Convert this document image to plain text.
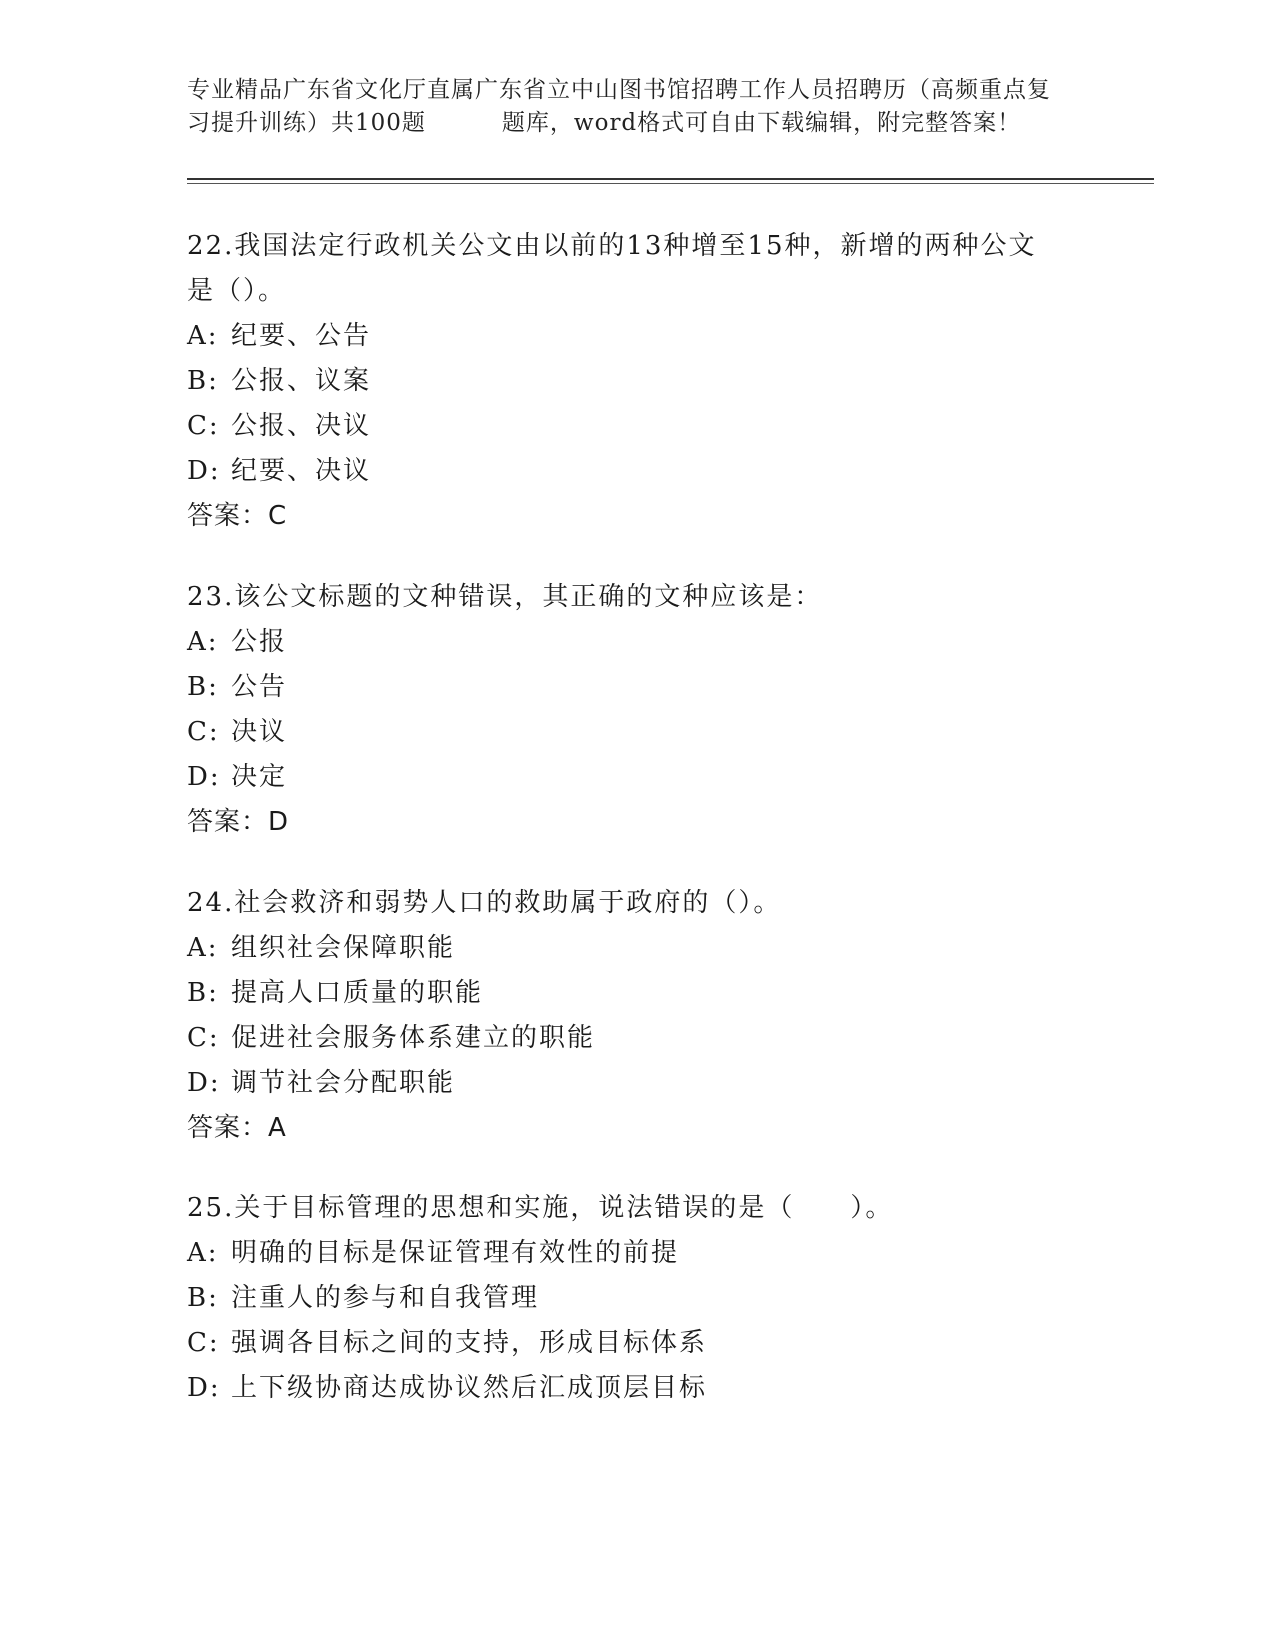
专业精品广东省文化厅直属广东省立中山图书馆招聘工作人员招聘历（高频重点复
习提升训练）共100题	题库，word格式可自由下载编辑，附完整答案！
22.我国法定行政机关公文由以前的13种增至15种，新增的两种公文
是（）。
A: 纪要、公告
B: 公报、议案
C: 公报、决议
D: 纪要、决议
答案：C
23.该公文标题的文种错误，其正确的文种应该是：
A: 公报
B: 公告
C: 决议
D: 决定
答案：D
24.社会救济和弱势人口的救助属于政府的（）。
A: 组织社会保障职能
B: 提高人口质量的职能
C: 促进社会服务体系建立的职能
D: 调节社会分配职能
答案：A
25.关于目标管理的思想和实施，说法错误的是（　　）。
A: 明确的目标是保证管理有效性的前提
B: 注重人的参与和自我管理
C: 强调各目标之间的支持，形成目标体系
D: 上下级协商达成协议然后汇成顶层目标
